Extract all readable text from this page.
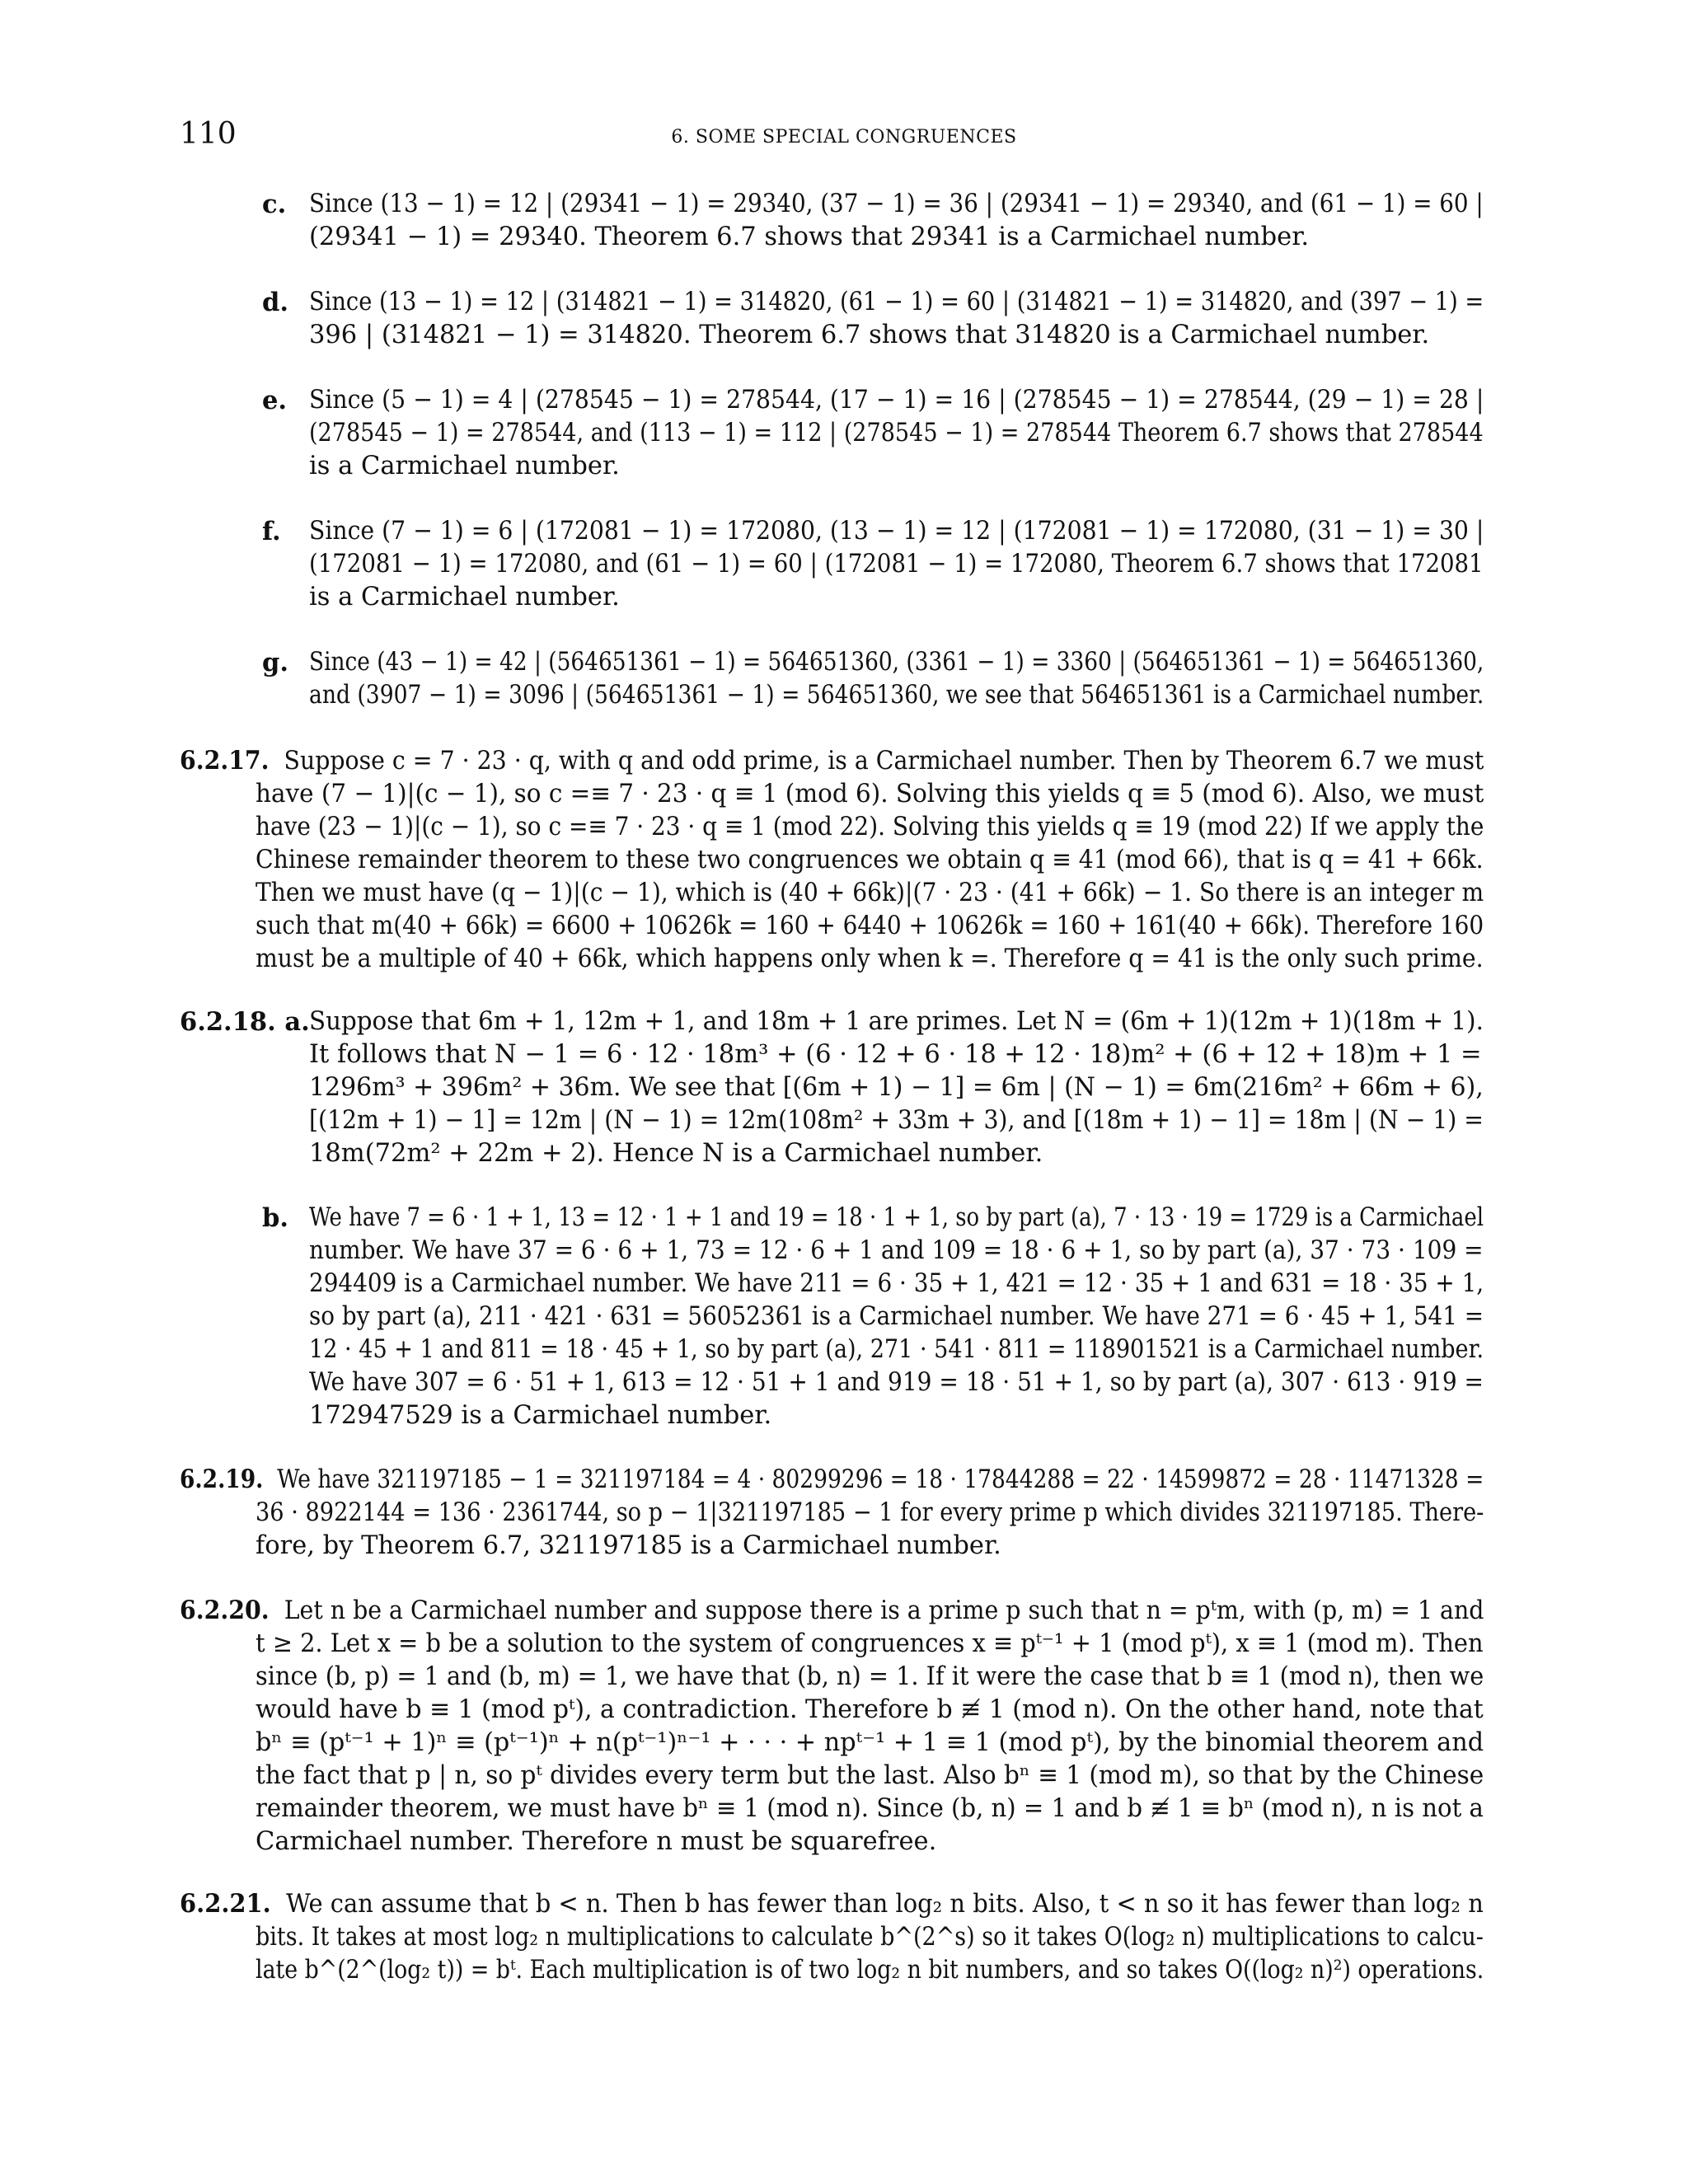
110	6. SOME SPECIAL CONGRUENCES
c. Since (13 − 1) = 12 | (29341 − 1) = 29340, (37 − 1) = 36 | (29341 − 1) = 29340, and (61 − 1) = 60 |
(29341 − 1) = 29340. Theorem 6.7 shows that 29341 is a Carmichael number.
d. Since (13 − 1) = 12 | (314821 − 1) = 314820, (61 − 1) = 60 | (314821 − 1) = 314820, and (397 − 1) =
396 | (314821 − 1) = 314820. Theorem 6.7 shows that 314820 is a Carmichael number.
e. Since (5 − 1) = 4 | (278545 − 1) = 278544, (17 − 1) = 16 | (278545 − 1) = 278544, (29 − 1) = 28 |
(278545 − 1) = 278544, and (113 − 1) = 112 | (278545 − 1) = 278544 Theorem 6.7 shows that 278544
is a Carmichael number.
f. Since (7 − 1) = 6 | (172081 − 1) = 172080, (13 − 1) = 12 | (172081 − 1) = 172080, (31 − 1) = 30 |
(172081 − 1) = 172080, and (61 − 1) = 60 | (172081 − 1) = 172080, Theorem 6.7 shows that 172081
is a Carmichael number.
g. Since (43 − 1) = 42 | (564651361 − 1) = 564651360, (3361 − 1) = 3360 | (564651361 − 1) = 564651360,
and (3907 − 1) = 3096 | (564651361 − 1) = 564651360, we see that 564651361 is a Carmichael number.
6.2.17. Suppose c = 7 · 23 · q, with q and odd prime, is a Carmichael number. Then by Theorem 6.7 we must
have (7 − 1)|(c − 1), so c =≡ 7 · 23 · q ≡ 1 (mod 6). Solving this yields q ≡ 5 (mod 6). Also, we must
have (23 − 1)|(c − 1), so c =≡ 7 · 23 · q ≡ 1 (mod 22). Solving this yields q ≡ 19 (mod 22) If we apply the
Chinese remainder theorem to these two congruences we obtain q ≡ 41 (mod 66), that is q = 41 + 66k.
Then we must have (q − 1)|(c − 1), which is (40 + 66k)|(7 · 23 · (41 + 66k) − 1. So there is an integer m
such that m(40 + 66k) = 6600 + 10626k = 160 + 6440 + 10626k = 160 + 161(40 + 66k). Therefore 160
must be a multiple of 40 + 66k, which happens only when k =. Therefore q = 41 is the only such prime.
6.2.18. a. Suppose that 6m + 1, 12m + 1, and 18m + 1 are primes. Let N = (6m + 1)(12m + 1)(18m + 1).
It follows that N − 1 = 6 · 12 · 18m³ + (6 · 12 + 6 · 18 + 12 · 18)m² + (6 + 12 + 18)m + 1 =
1296m³ + 396m² + 36m. We see that [(6m + 1) − 1] = 6m | (N − 1) = 6m(216m² + 66m + 6),
[(12m + 1) − 1] = 12m | (N − 1) = 12m(108m² + 33m + 3), and [(18m + 1) − 1] = 18m | (N − 1) =
18m(72m² + 22m + 2). Hence N is a Carmichael number.
b. We have 7 = 6 · 1 + 1, 13 = 12 · 1 + 1 and 19 = 18 · 1 + 1, so by part (a), 7 · 13 · 19 = 1729 is a Carmichael
number. We have 37 = 6 · 6 + 1, 73 = 12 · 6 + 1 and 109 = 18 · 6 + 1, so by part (a), 37 · 73 · 109 =
294409 is a Carmichael number. We have 211 = 6 · 35 + 1, 421 = 12 · 35 + 1 and 631 = 18 · 35 + 1,
so by part (a), 211 · 421 · 631 = 56052361 is a Carmichael number. We have 271 = 6 · 45 + 1, 541 =
12 · 45 + 1 and 811 = 18 · 45 + 1, so by part (a), 271 · 541 · 811 = 118901521 is a Carmichael number.
We have 307 = 6 · 51 + 1, 613 = 12 · 51 + 1 and 919 = 18 · 51 + 1, so by part (a), 307 · 613 · 919 =
172947529 is a Carmichael number.
6.2.19. We have 321197185 − 1 = 321197184 = 4 · 80299296 = 18 · 17844288 = 22 · 14599872 = 28 · 11471328 =
36 · 8922144 = 136 · 2361744, so p − 1|321197185 − 1 for every prime p which divides 321197185. There-
fore, by Theorem 6.7, 321197185 is a Carmichael number.
6.2.20. Let n be a Carmichael number and suppose there is a prime p such that n = pᵗm, with (p, m) = 1 and
t ≥ 2. Let x = b be a solution to the system of congruences x ≡ pᵗ⁻¹ + 1 (mod pᵗ), x ≡ 1 (mod m). Then
since (b, p) = 1 and (b, m) = 1, we have that (b, n) = 1. If it were the case that b ≡ 1 (mod n), then we
would have b ≡ 1 (mod pᵗ), a contradiction. Therefore b ≢ 1 (mod n). On the other hand, note that
bⁿ ≡ (pᵗ⁻¹ + 1)ⁿ ≡ (pᵗ⁻¹)ⁿ + n(pᵗ⁻¹)ⁿ⁻¹ + · · · + npᵗ⁻¹ + 1 ≡ 1 (mod pᵗ), by the binomial theorem and
the fact that p | n, so pᵗ divides every term but the last. Also bⁿ ≡ 1 (mod m), so that by the Chinese
remainder theorem, we must have bⁿ ≡ 1 (mod n). Since (b, n) = 1 and b ≢ 1 ≡ bⁿ (mod n), n is not a
Carmichael number. Therefore n must be squarefree.
6.2.21. We can assume that b < n. Then b has fewer than log₂ n bits. Also, t < n so it has fewer than log₂ n
bits. It takes at most log₂ n multiplications to calculate b^(2^s) so it takes O(log₂ n) multiplications to calcu-
late b^(2^(log₂ t)) = bᵗ. Each multiplication is of two log₂ n bit numbers, and so takes O((log₂ n)²) operations.
